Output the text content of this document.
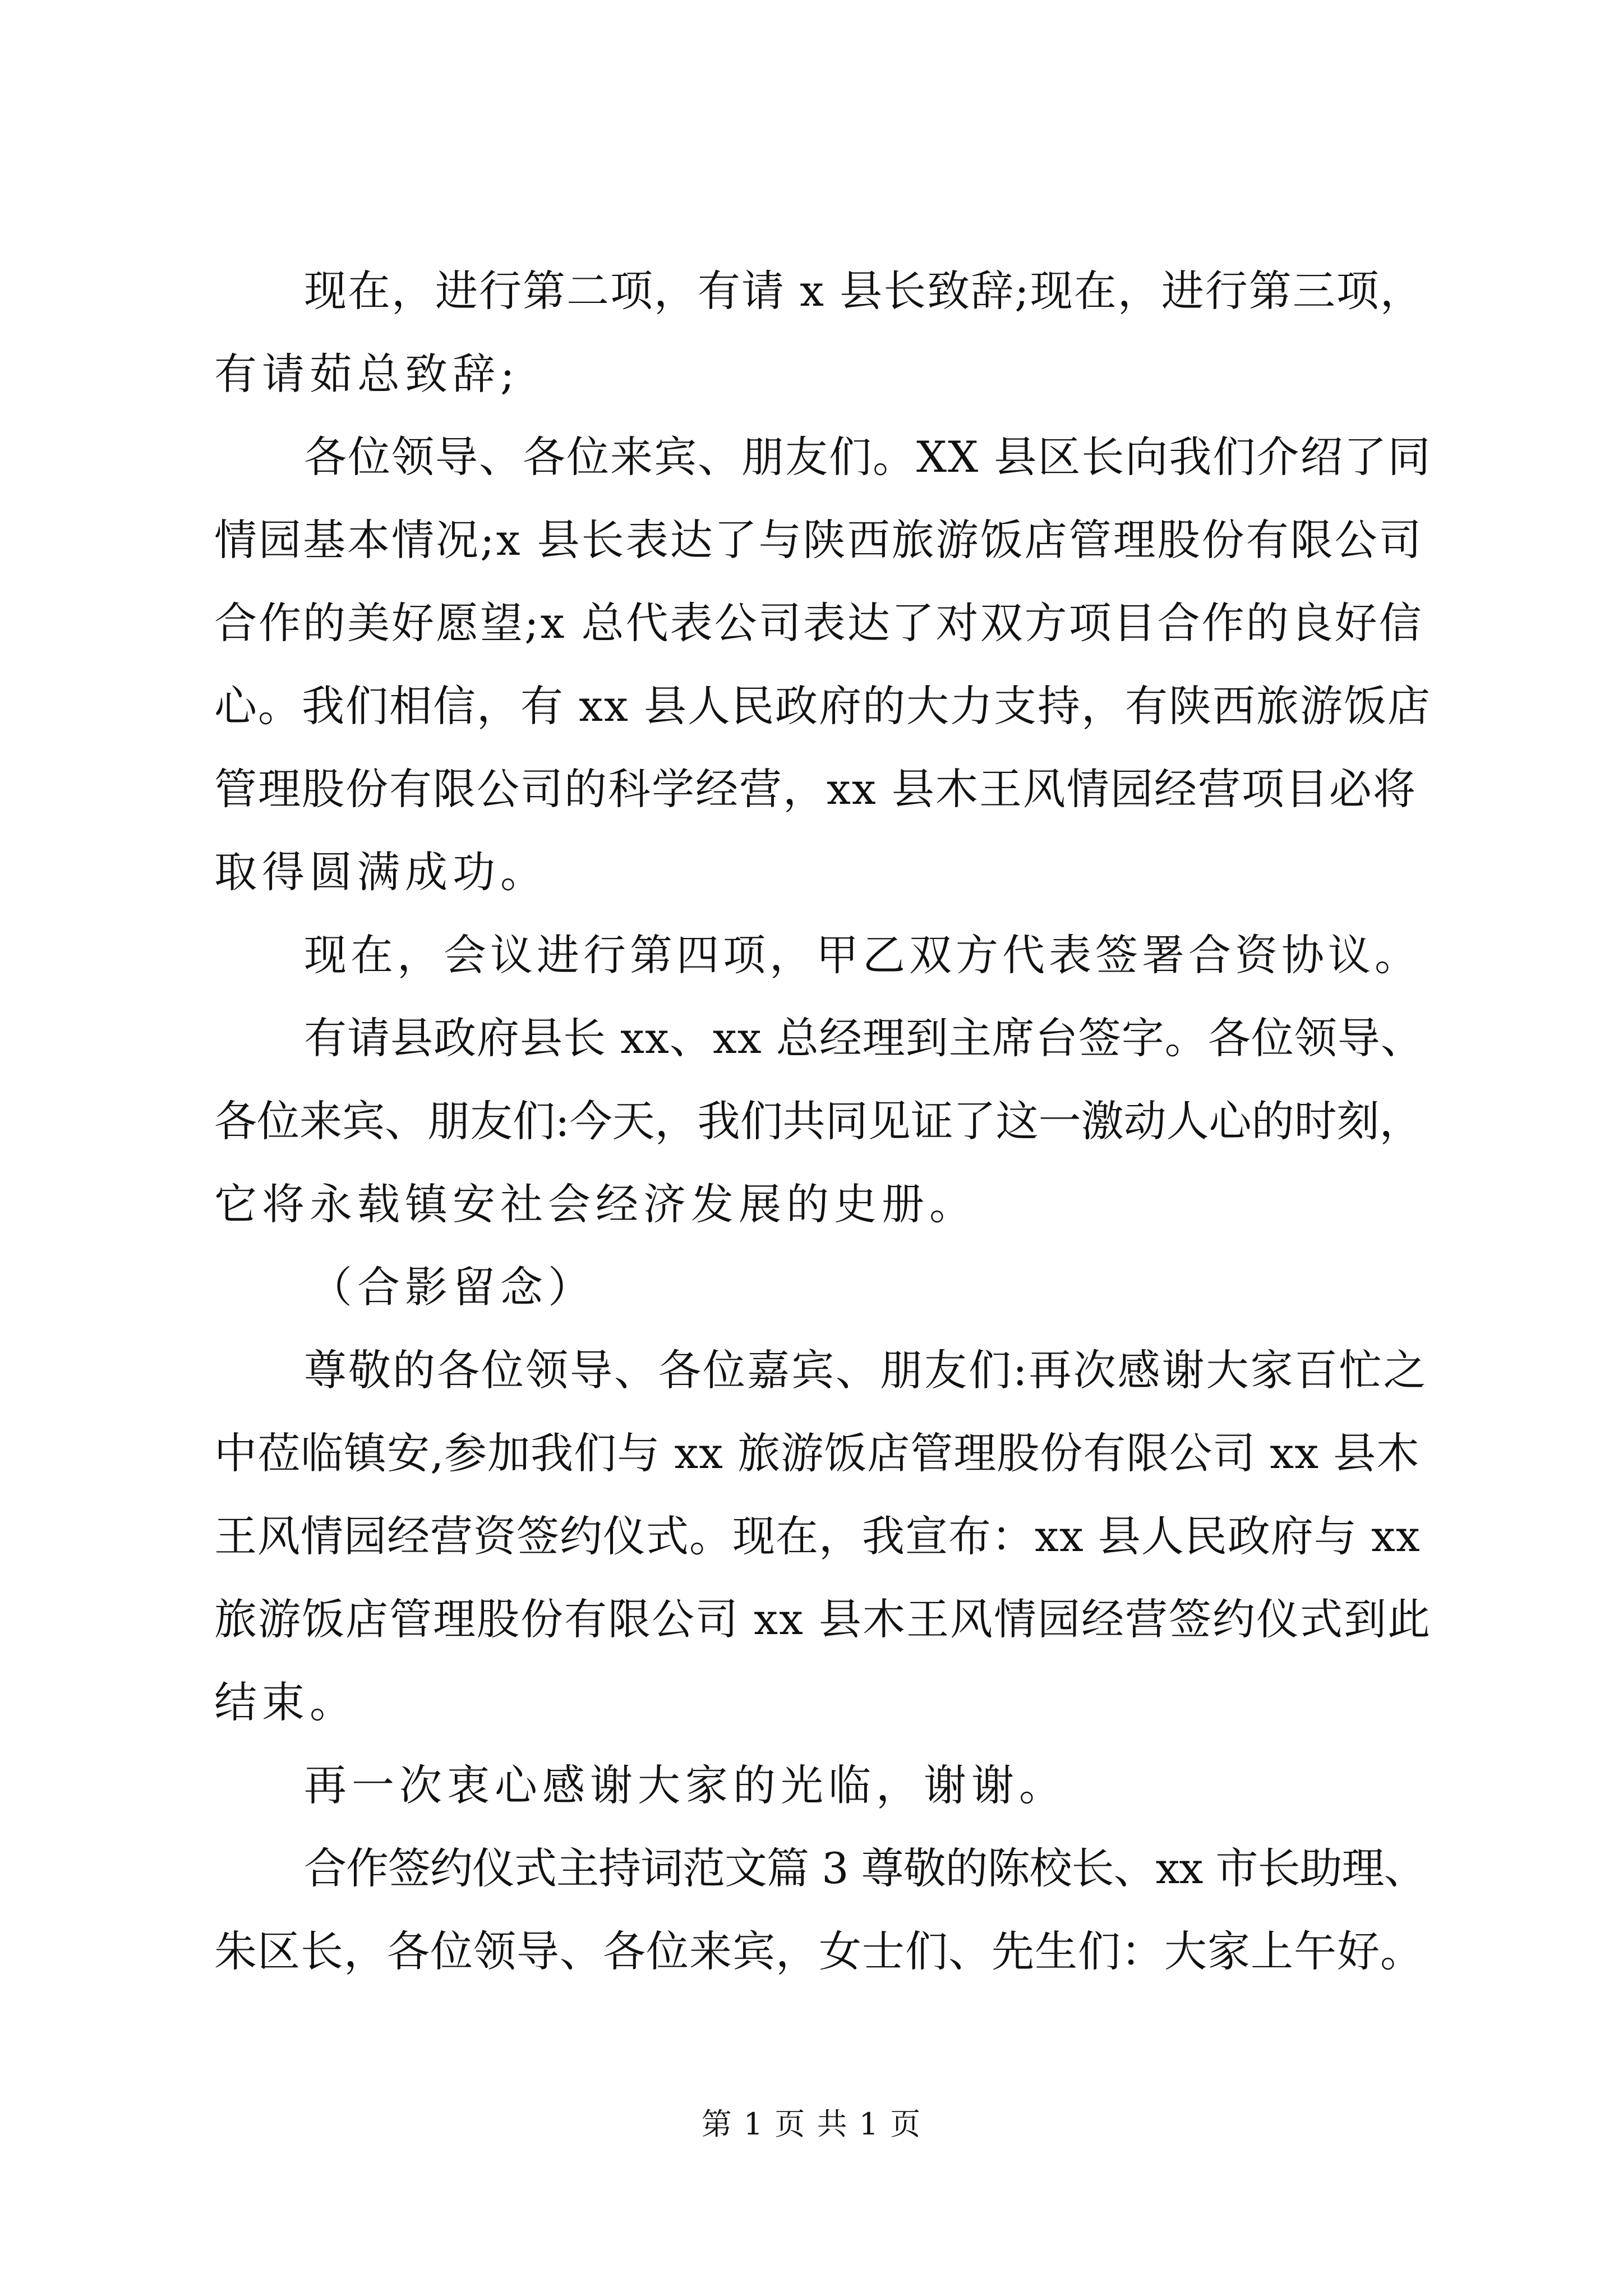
现在，进行第二项，有请 x 县长致辞;现在，进行第三项，
有请茹总致辞;
各位领导、各位来宾、朋友们。XX 县区长向我们介绍了同
情园基本情况;x 县长表达了与陕西旅游饭店管理股份有限公司
合作的美好愿望;x 总代表公司表达了对双方项目合作的良好信
心。我们相信，有 xx 县人民政府的大力支持，有陕西旅游饭店
管理股份有限公司的科学经营，xx 县木王风情园经营项目必将
取得圆满成功。
现在，会议进行第四项，甲乙双方代表签署合资协议。
有请县政府县长 xx、xx 总经理到主席台签字。各位领导、
各位来宾、朋友们:今天，我们共同见证了这一激动人心的时刻，
它将永载镇安社会经济发展的史册。
（合影留念）
尊敬的各位领导、各位嘉宾、朋友们:再次感谢大家百忙之
中莅临镇安,参加我们与 xx 旅游饭店管理股份有限公司 xx 县木
王风情园经营资签约仪式。现在，我宣布：xx 县人民政府与 xx
旅游饭店管理股份有限公司 xx 县木王风情园经营签约仪式到此
结束。
再一次衷心感谢大家的光临，谢谢。
合作签约仪式主持词范文篇 3 尊敬的陈校长、xx 市长助理、
朱区长，各位领导、各位来宾，女士们、先生们：大家上午好。
第 1 页 共 1 页
